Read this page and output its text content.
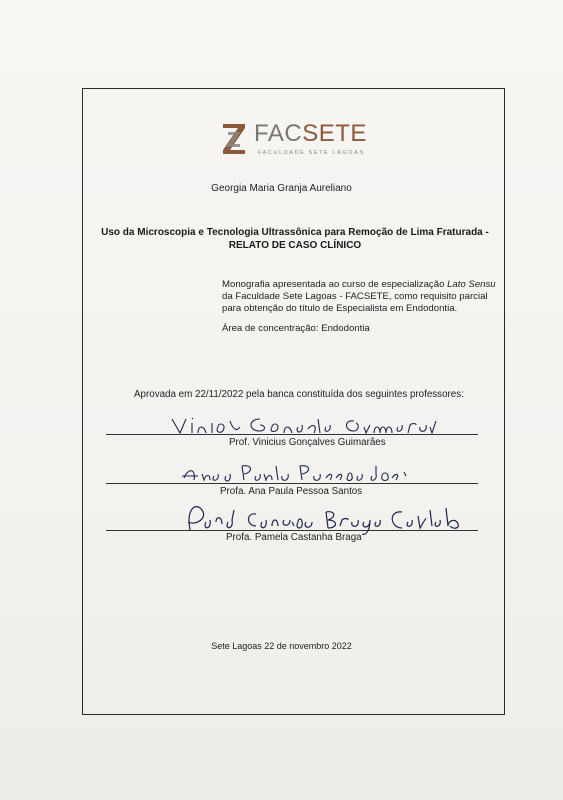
FACSETE
FACULDADE SETE LAGOAS
Georgia Maria Granja Aureliano
Uso da Microscopia e Tecnologia Ultrassônica para Remoção de Lima Fraturada -
RELATO DE CASO CLÍNICO
Monografia apresentada ao curso de especialização Lato Sensu da Faculdade Sete Lagoas - FACSETE, como requisito parcial para obtenção do título de Especialista em Endodontia.
Área de concentração: Endodontia
Aprovada em 22/11/2022 pela banca constituída dos seguintes professores:
Prof. Vinicius Gonçalves Guimarães
Profa. Ana Paula Pessoa Santos
Profa. Pamela Castanha Braga
Sete Lagoas 22 de novembro 2022
